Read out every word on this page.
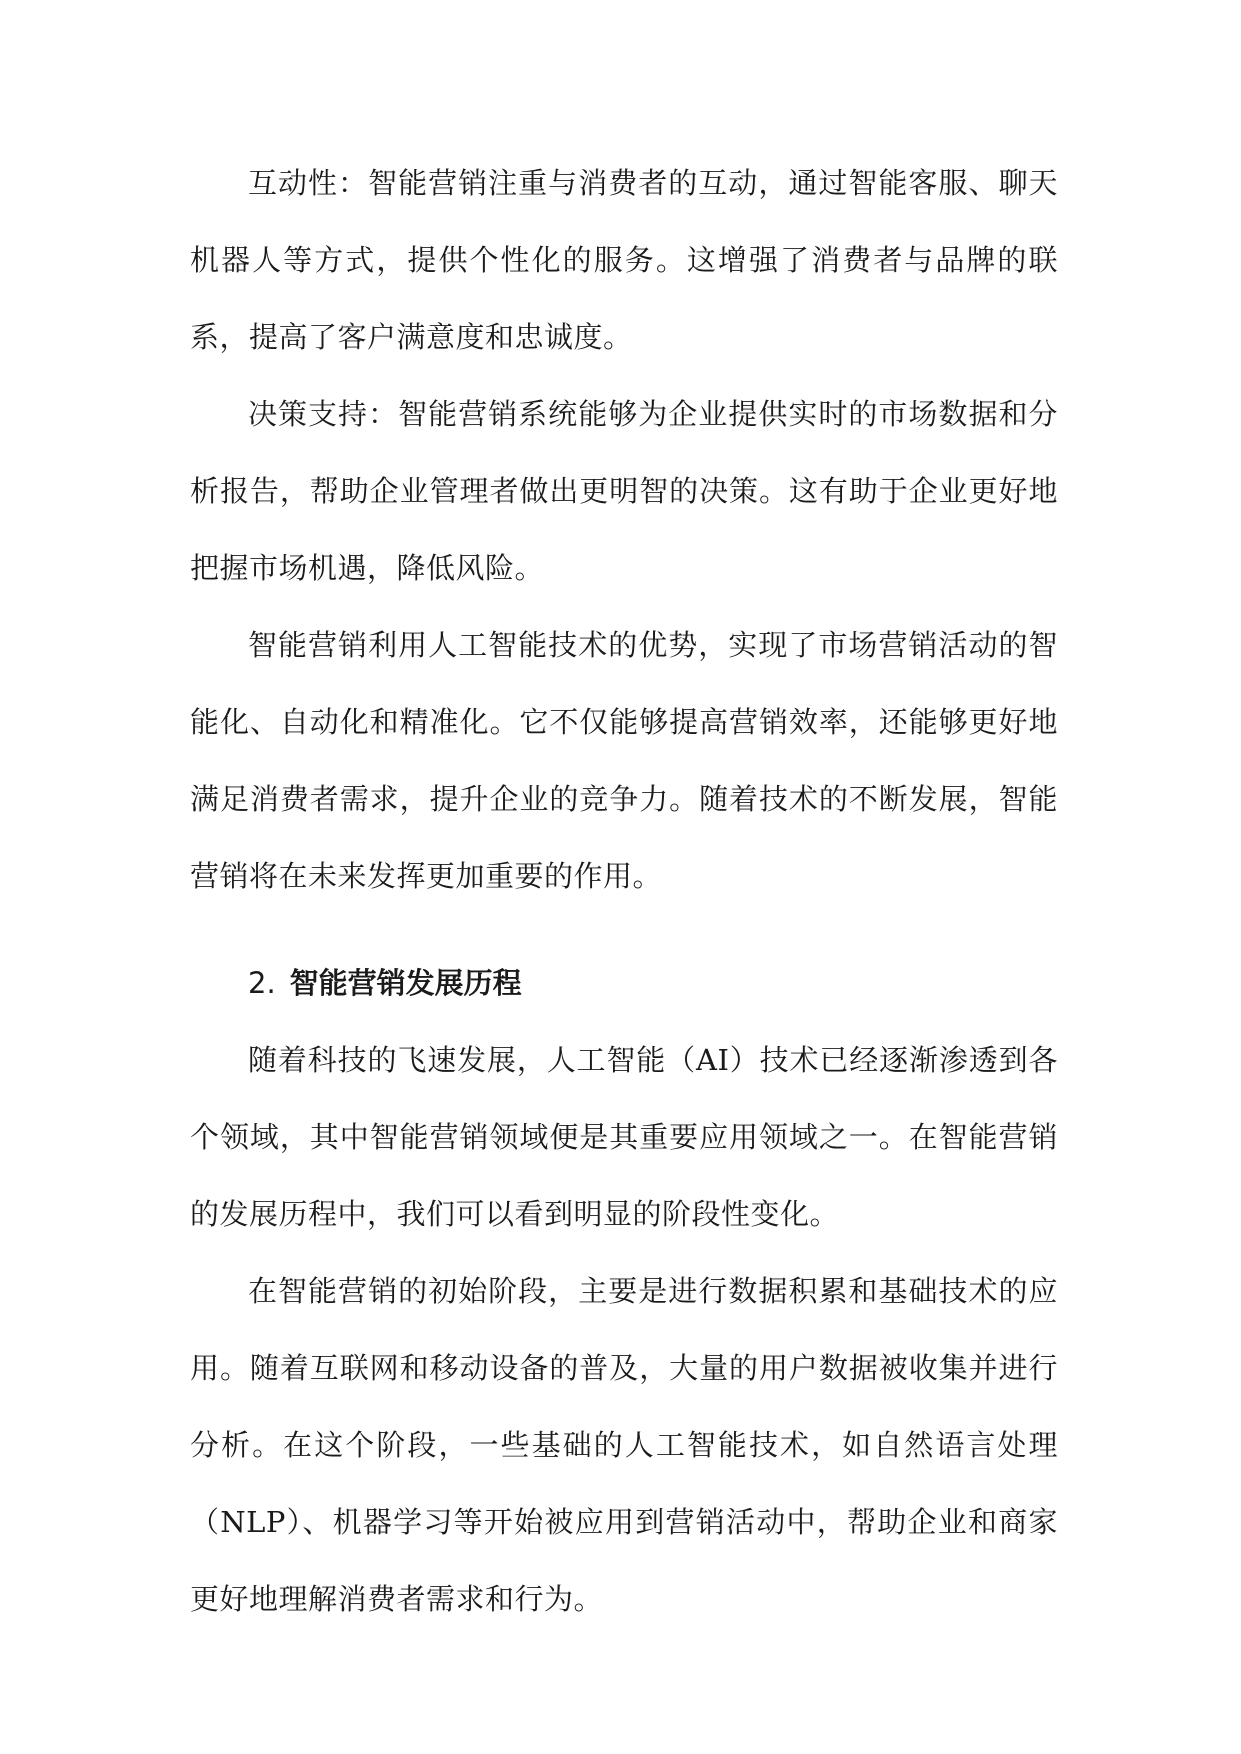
互动性：智能营销注重与消费者的互动，通过智能客服、聊天机器人等方式，提供个性化的服务。这增强了消费者与品牌的联系，提高了客户满意度和忠诚度。

决策支持：智能营销系统能够为企业提供实时的市场数据和分析报告，帮助企业管理者做出更明智的决策。这有助于企业更好地把握市场机遇，降低风险。

智能营销利用人工智能技术的优势，实现了市场营销活动的智能化、自动化和精准化。它不仅能够提高营销效率，还能够更好地满足消费者需求，提升企业的竞争力。随着技术的不断发展，智能营销将在未来发挥更加重要的作用。

2. 智能营销发展历程

随着科技的飞速发展，人工智能（AI）技术已经逐渐渗透到各个领域，其中智能营销领域便是其重要应用领域之一。在智能营销的发展历程中，我们可以看到明显的阶段性变化。

在智能营销的初始阶段，主要是进行数据积累和基础技术的应用。随着互联网和移动设备的普及，大量的用户数据被收集并进行分析。在这个阶段，一些基础的人工智能技术，如自然语言处理（NLP）、机器学习等开始被应用到营销活动中，帮助企业和商家更好地理解消费者需求和行为。
